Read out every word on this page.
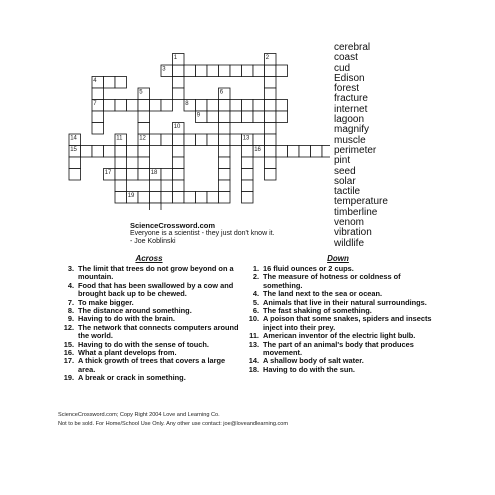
1	2
3
4
5	6
7	8
9
10
11	12	13
14
15	16
17	18
19
cerebral
coast
cud
Edison
forest
fracture
internet
lagoon
magnify
muscle
perimeter
pint
seed
solar
tactile
temperature
timberline
venom
vibration
wildlife
ScienceCrossword.com
Everyone is a scientist - they just don't know it.
- Joe Koblinski
Across
3. The limit that trees do not grow beyond on a mountain.
4. Food that has been swallowed by a cow and brought back up to be chewed.
7. To make bigger.
8. The distance around something.
9. Having to do with the brain.
12. The network that connects computers around the world.
15. Having to do with the sense of touch.
16. What a plant develops from.
17. A thick growth of trees that covers a large area.
19. A break or crack in something.
Down
1. 16 fluid ounces or 2 cups.
2. The measure of hotness or coldness of something.
4. The land next to the sea or ocean.
5. Animals that live in their natural surroundings.
6. The fast shaking of something.
10. A poison that some snakes, spiders and insects inject into their prey.
11. American inventor of the electric light bulb.
13. The part of an animal's body that produces movement.
14. A shallow body of salt water.
18. Having to do with the sun.
ScienceCrossword.com; Copy Right 2004 Love and Learning Co.
Not to be sold. For Home/School Use Only. Any other use contact: joe@loveandlearning.com
